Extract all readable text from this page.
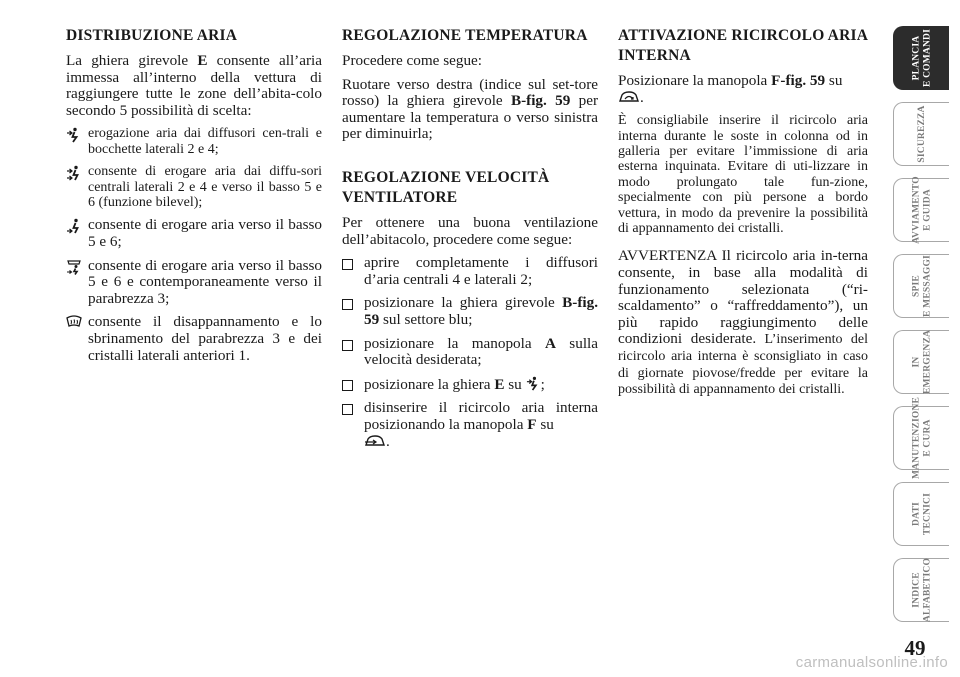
DISTRIBUZIONE ARIA

La ghiera girevole E consente all’aria immessa all’interno della vettura di raggiungere tutte le zone dell’abita-colo secondo 5 possibilità di scelta:

erogazione aria dai diffusori cen-trali e bocchette laterali 2 e 4;
consente di erogare aria dai diffu-sori centrali laterali 2 e 4 e verso il basso 5 e 6 (funzione bilevel);
consente di erogare aria verso il basso 5 e 6;
consente di erogare aria verso il basso 5 e 6 e contemporaneamente verso il parabrezza 3;
consente il disappannamento e lo sbrinamento del parabrezza 3 e dei cristalli laterali anteriori 1.
REGOLAZIONE TEMPERATURA

Procedere come segue:

Ruotare verso destra (indice sul set-tore rosso) la ghiera girevole B-fig. 59 per aumentare la temperatura o verso sinistra per diminuirla;

REGOLAZIONE VELOCITÀ VENTILATORE

Per ottenere una buona ventilazione dell’abitacolo, procedere come segue:

aprire completamente i diffusori d’aria centrali 4 e laterali 2;
posizionare la ghiera girevole B-fig. 59 sul settore blu;
posizionare la manopola A sulla velocità desiderata;
posizionare la ghiera E su ;
disinserire il ricircolo aria interna posizionando la manopola F su
.
ATTIVAZIONE RICIRCOLO ARIA INTERNA

Posizionare la manopola F-fig. 59 su
.

È consigliabile inserire il ricircolo aria interna durante le soste in colonna od in galleria per evitare l’immissione di aria esterna inquinata. Evitare di uti-lizzare in modo prolungato tale fun-zione, specialmente con più persone a bordo vettura, in modo da prevenire la possibilità di appannamento dei cristalli.

AVVERTENZA Il ricircolo aria in-terna consente, in base alla modalità di funzionamento selezionata (“ri-scaldamento” o “raffreddamento”), un più rapido raggiungimento delle condizioni desiderate. L’inserimento del ricircolo aria interna è sconsigliato in caso di giornate piovose/fredde per evitare la possibilità di appannamento dei cristalli.

PLANCIA
E COMANDI
SICUREZZA
AVVIAMENTO
E GUIDA
SPIE
E MESSAGGI
IN
EMERGENZA
MANUTENZIONE
E CURA
DATI
TECNICI
INDICE
ALFABETICO
49
carmanualsonline.info
